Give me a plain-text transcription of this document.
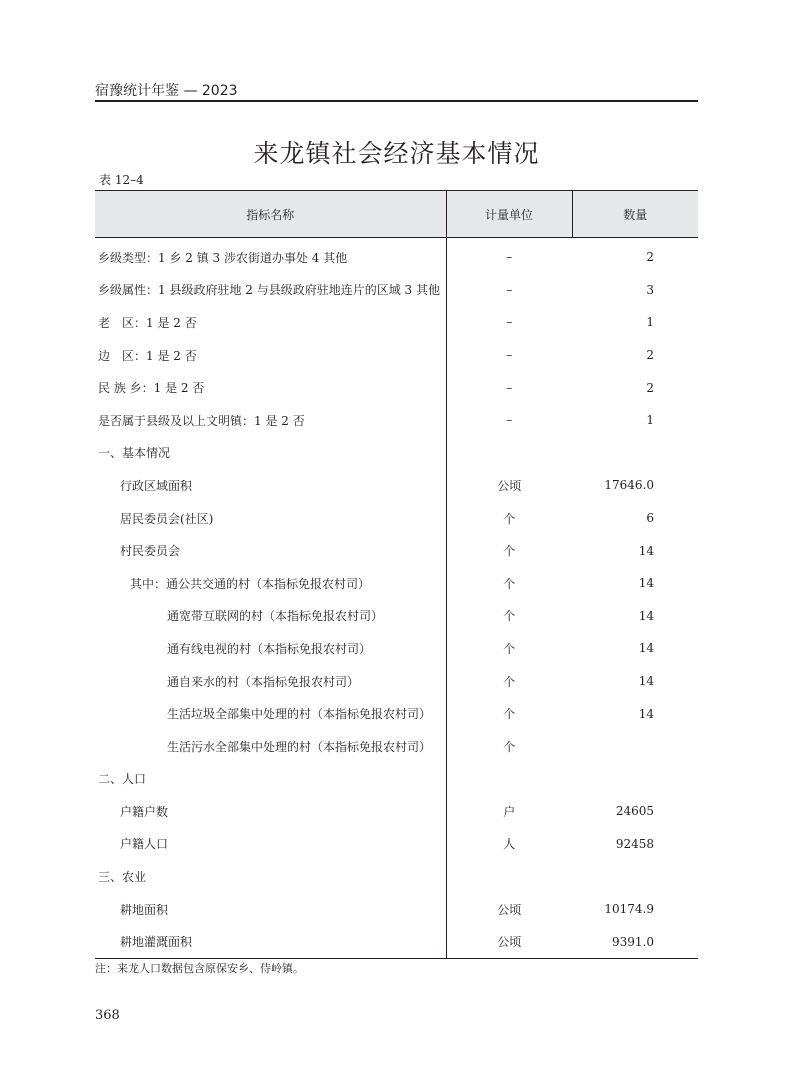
宿豫统计年鉴 — 2023
来龙镇社会经济基本情况
表 12–4
指标名称	计量单位	数量
乡级类型：1 乡 2 镇 3 涉农街道办事处 4 其他	–	2
乡级属性：1 县级政府驻地 2 与县级政府驻地连片的区域 3 其他	–	3
老　区：1 是 2 否	–	1
边　区：1 是 2 否	–	2
民 族 乡：1 是 2 否	–	2
是否属于县级及以上文明镇：1 是 2 否	–	1
一、基本情况		
行政区域面积	公顷	17646.0
居民委员会(社区)	个	6
村民委员会	个	14
其中：通公共交通的村（本指标免报农村司）	个	14
通宽带互联网的村（本指标免报农村司）	个	14
通有线电视的村（本指标免报农村司）	个	14
通自来水的村（本指标免报农村司）	个	14
生活垃圾全部集中处理的村（本指标免报农村司）	个	14
生活污水全部集中处理的村（本指标免报农村司）	个	
二、人口		
户籍户数	户	24605
户籍人口	人	92458
三、农业		
耕地面积	公顷	10174.9
耕地灌溉面积	公顷	9391.0
注：来龙人口数据包含原保安乡、侍岭镇。
368
